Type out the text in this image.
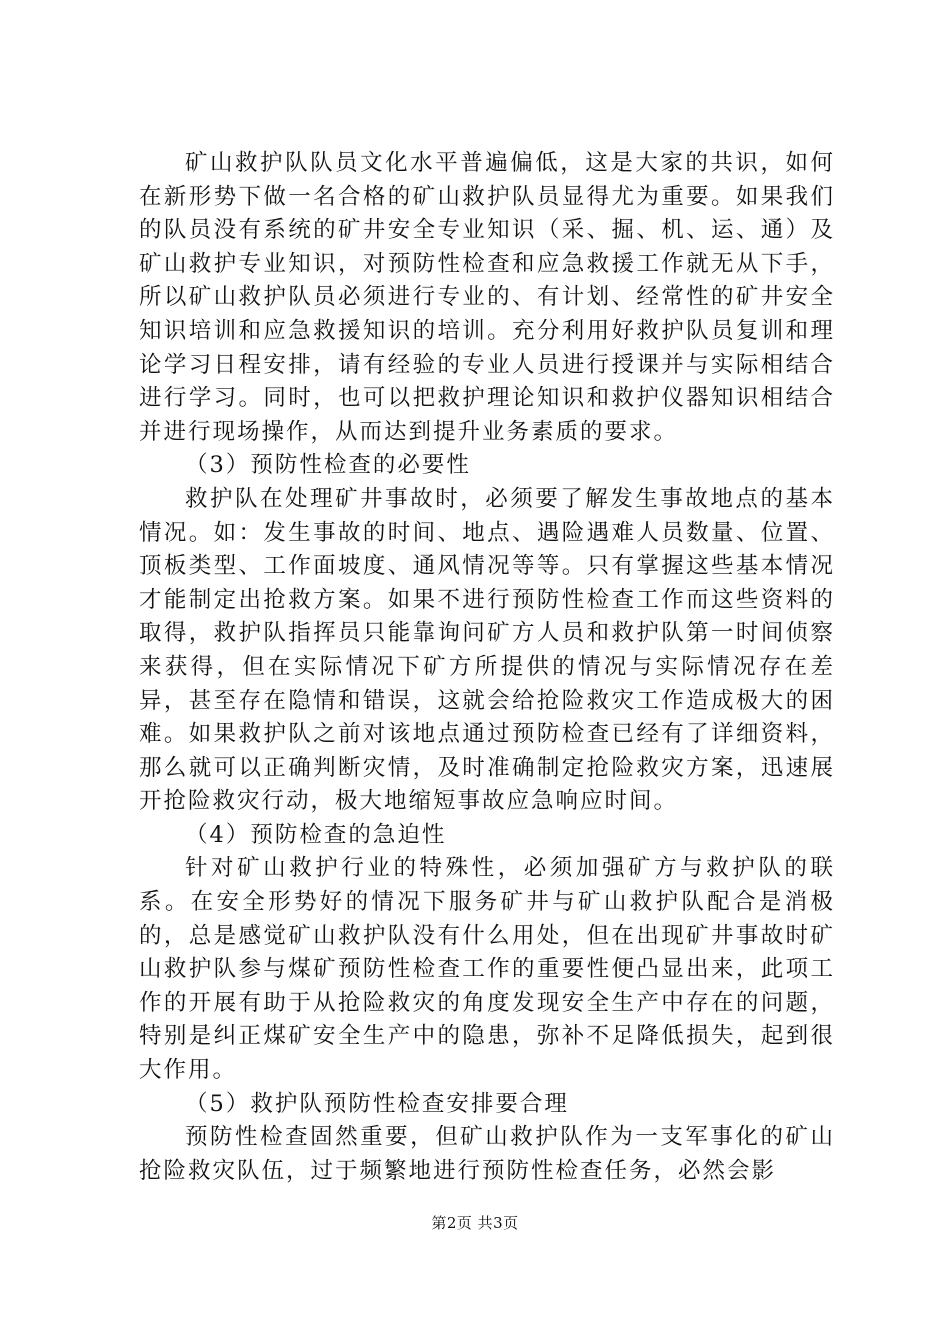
矿山救护队队员文化水平普遍偏低，这是大家的共识，如何在新形势下做一名合格的矿山救护队员显得尤为重要。如果我们的队员没有系统的矿井安全专业知识（采、掘、机、运、通）及矿山救护专业知识，对预防性检查和应急救援工作就无从下手，所以矿山救护队员必须进行专业的、有计划、经常性的矿井安全知识培训和应急救援知识的培训。充分利用好救护队员复训和理论学习日程安排，请有经验的专业人员进行授课并与实际相结合进行学习。同时，也可以把救护理论知识和救护仪器知识相结合并进行现场操作，从而达到提升业务素质的要求。

（3）预防性检查的必要性

救护队在处理矿井事故时，必须要了解发生事故地点的基本情况。如：发生事故的时间、地点、遇险遇难人员数量、位置、顶板类型、工作面坡度、通风情况等等。只有掌握这些基本情况才能制定出抢救方案。如果不进行预防性检查工作而这些资料的取得，救护队指挥员只能靠询问矿方人员和救护队第一时间侦察来获得，但在实际情况下矿方所提供的情况与实际情况存在差异，甚至存在隐情和错误，这就会给抢险救灾工作造成极大的困难。如果救护队之前对该地点通过预防检查已经有了详细资料，那么就可以正确判断灾情，及时准确制定抢险救灾方案，迅速展开抢险救灾行动，极大地缩短事故应急响应时间。

（4）预防检查的急迫性

针对矿山救护行业的特殊性，必须加强矿方与救护队的联系。在安全形势好的情况下服务矿井与矿山救护队配合是消极的，总是感觉矿山救护队没有什么用处，但在出现矿井事故时矿山救护队参与煤矿预防性检查工作的重要性便凸显出来，此项工作的开展有助于从抢险救灾的角度发现安全生产中存在的问题，特别是纠正煤矿安全生产中的隐患，弥补不足降低损失，起到很大作用。

（5）救护队预防性检查安排要合理

预防性检查固然重要，但矿山救护队作为一支军事化的矿山抢险救灾队伍，过于频繁地进行预防性检查任务，必然会影

第2页 共3页
